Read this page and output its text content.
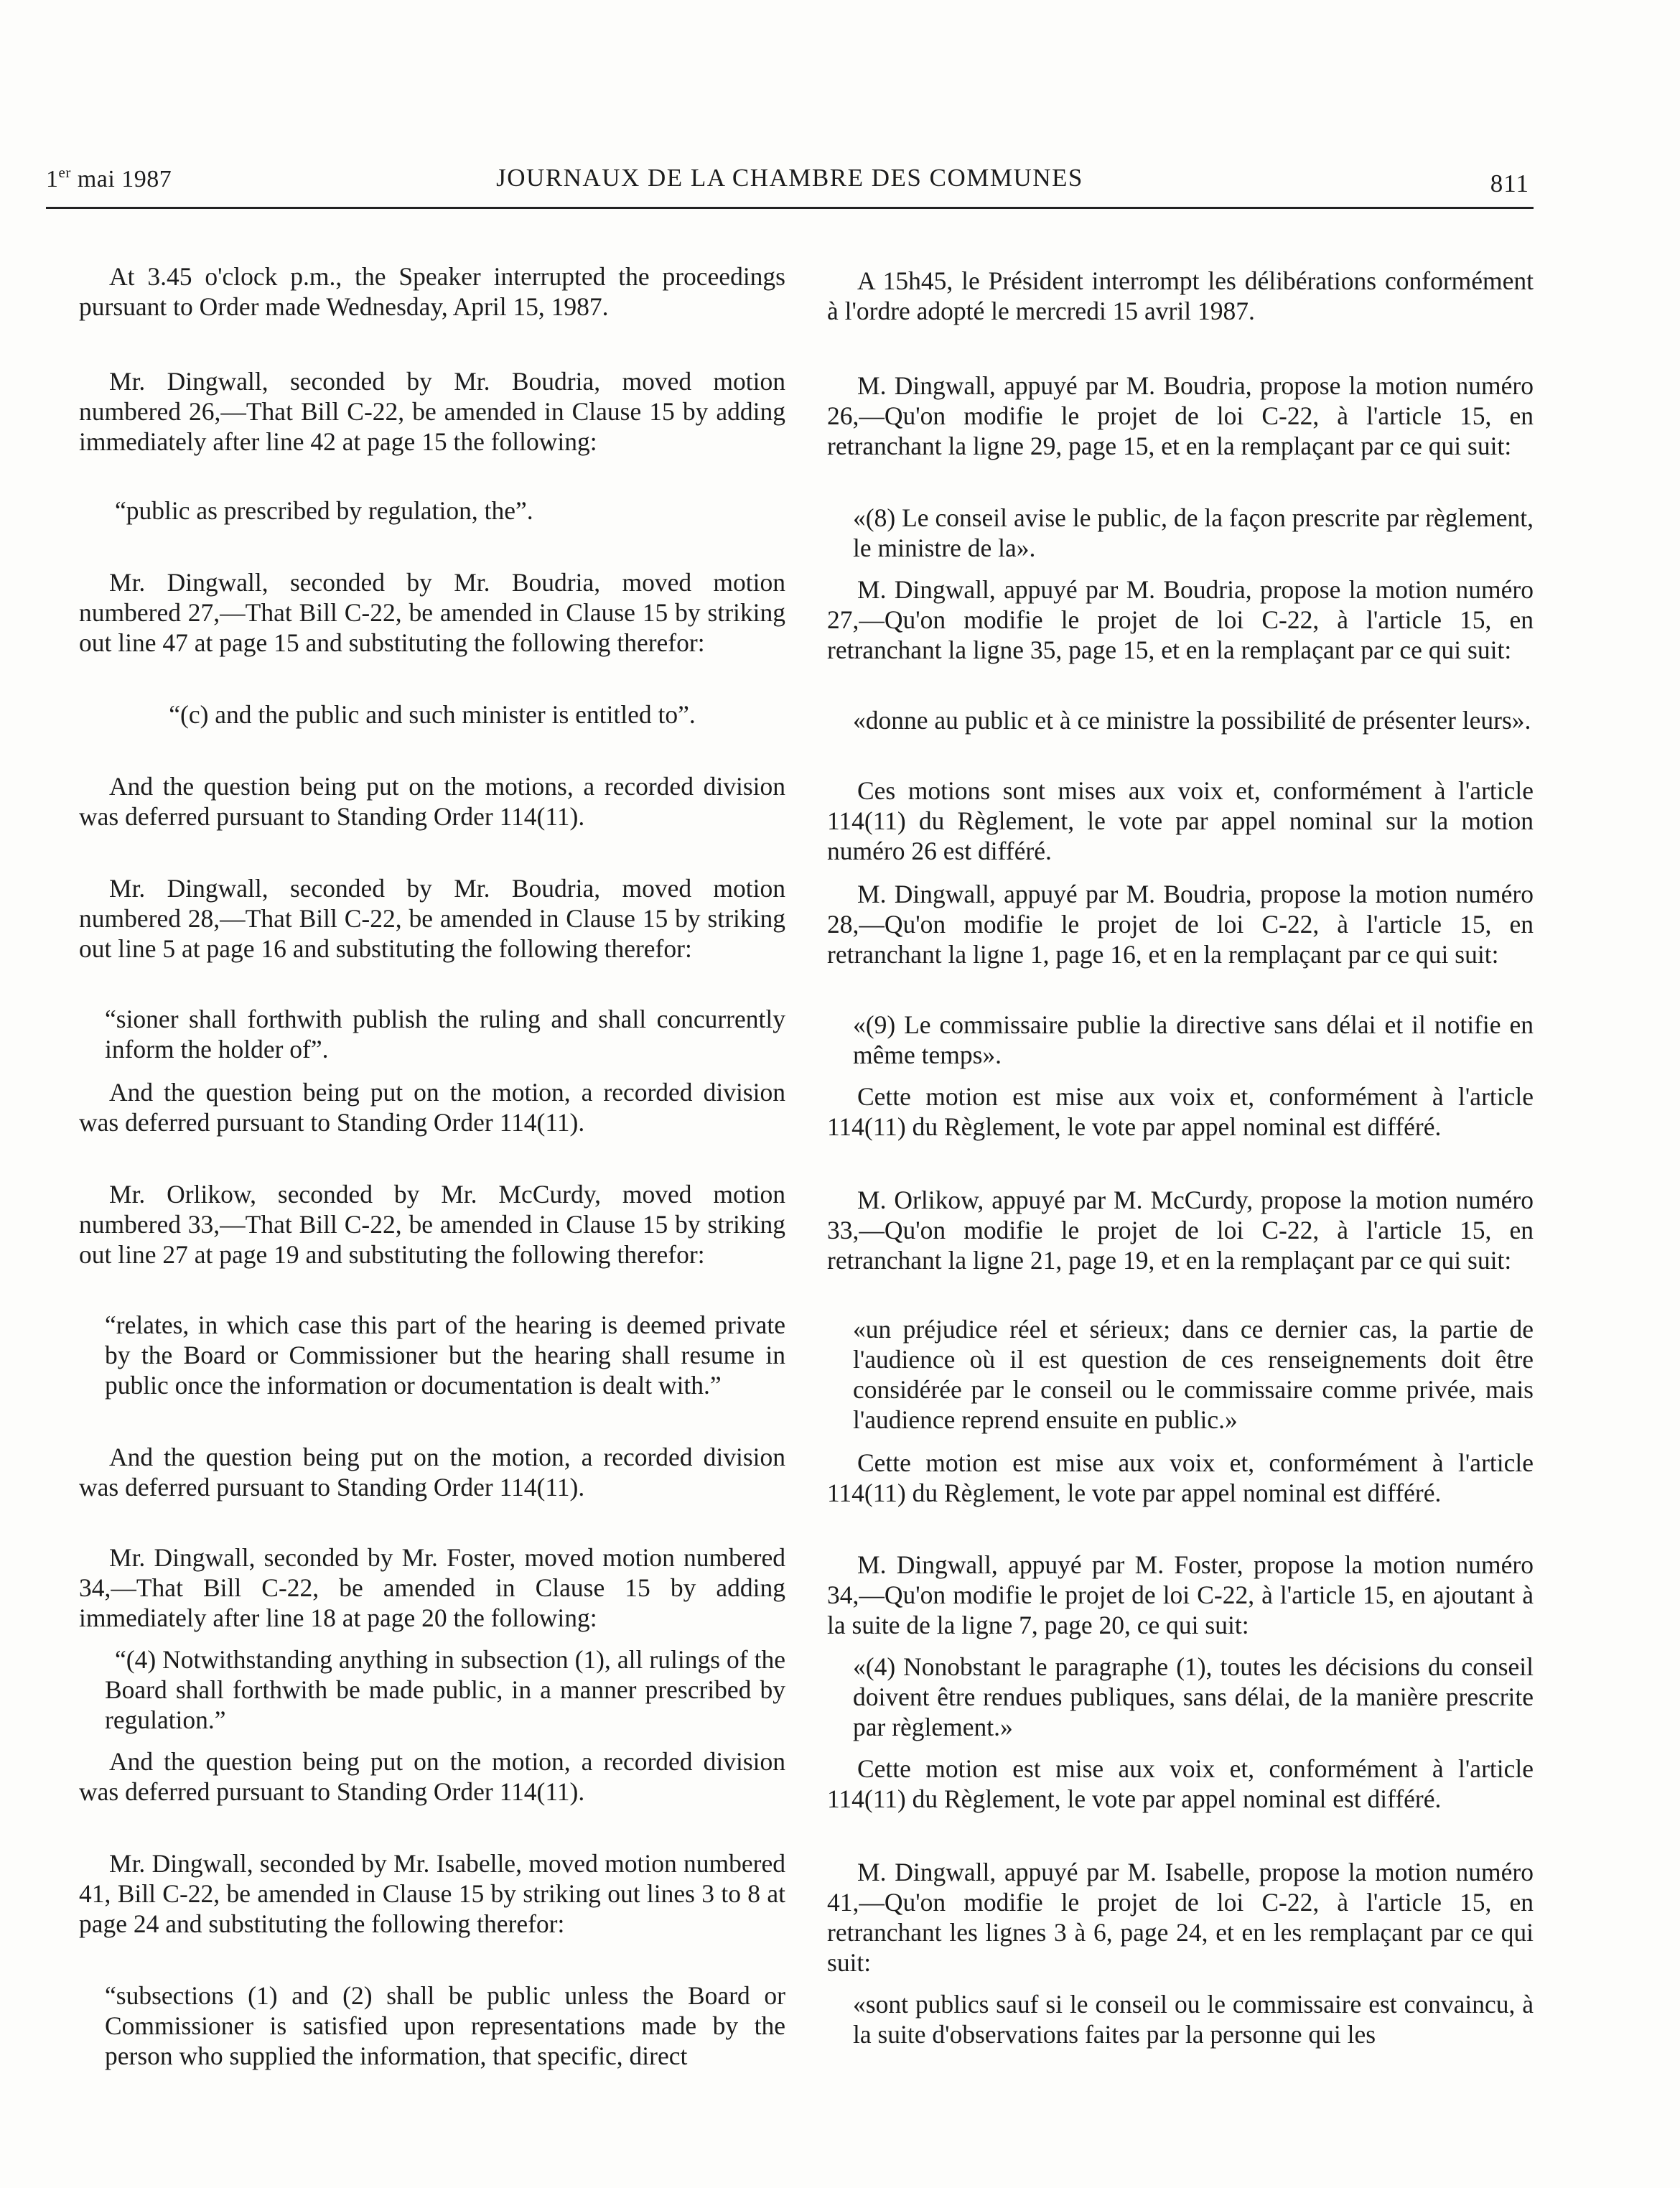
1er mai 1987	JOURNAUX DE LA CHAMBRE DES COMMUNES	811
At 3.45 o'clock p.m., the Speaker interrupted the proceedings pursuant to Order made Wednesday, April 15, 1987.
Mr. Dingwall, seconded by Mr. Boudria, moved motion numbered 26,—That Bill C-22, be amended in Clause 15 by adding immediately after line 42 at page 15 the following:
“public as prescribed by regulation, the”.
Mr. Dingwall, seconded by Mr. Boudria, moved motion numbered 27,—That Bill C-22, be amended in Clause 15 by striking out line 47 at page 15 and substituting the following therefor:
“(c) and the public and such minister is entitled to”.
And the question being put on the motions, a recorded division was deferred pursuant to Standing Order 114(11).
Mr. Dingwall, seconded by Mr. Boudria, moved motion numbered 28,—That Bill C-22, be amended in Clause 15 by striking out line 5 at page 16 and substituting the following therefor:
“sioner shall forthwith publish the ruling and shall concurrently inform the holder of”.
And the question being put on the motion, a recorded division was deferred pursuant to Standing Order 114(11).
Mr. Orlikow, seconded by Mr. McCurdy, moved motion numbered 33,—That Bill C-22, be amended in Clause 15 by striking out line 27 at page 19 and substituting the following therefor:
“relates, in which case this part of the hearing is deemed private by the Board or Commissioner but the hearing shall resume in public once the information or documentation is dealt with.”
And the question being put on the motion, a recorded division was deferred pursuant to Standing Order 114(11).
Mr. Dingwall, seconded by Mr. Foster, moved motion numbered 34,—That Bill C-22, be amended in Clause 15 by adding immediately after line 18 at page 20 the following:
“(4) Notwithstanding anything in subsection (1), all rulings of the Board shall forthwith be made public, in a manner prescribed by regulation.”
And the question being put on the motion, a recorded division was deferred pursuant to Standing Order 114(11).
Mr. Dingwall, seconded by Mr. Isabelle, moved motion numbered 41, Bill C-22, be amended in Clause 15 by striking out lines 3 to 8 at page 24 and substituting the following therefor:
“subsections (1) and (2) shall be public unless the Board or Commissioner is satisfied upon representations made by the person who supplied the information, that specific, direct
A 15h45, le Président interrompt les délibérations conformément à l'ordre adopté le mercredi 15 avril 1987.
M. Dingwall, appuyé par M. Boudria, propose la motion numéro 26,—Qu'on modifie le projet de loi C-22, à l'article 15, en retranchant la ligne 29, page 15, et en la remplaçant par ce qui suit:
«(8) Le conseil avise le public, de la façon prescrite par règlement, le ministre de la».
M. Dingwall, appuyé par M. Boudria, propose la motion numéro 27,—Qu'on modifie le projet de loi C-22, à l'article 15, en retranchant la ligne 35, page 15, et en la remplaçant par ce qui suit:
«donne au public et à ce ministre la possibilité de présenter leurs».
Ces motions sont mises aux voix et, conformément à l'article 114(11) du Règlement, le vote par appel nominal sur la motion numéro 26 est différé.
M. Dingwall, appuyé par M. Boudria, propose la motion numéro 28,—Qu'on modifie le projet de loi C-22, à l'article 15, en retranchant la ligne 1, page 16, et en la remplaçant par ce qui suit:
«(9) Le commissaire publie la directive sans délai et il notifie en même temps».
Cette motion est mise aux voix et, conformément à l'article 114(11) du Règlement, le vote par appel nominal est différé.
M. Orlikow, appuyé par M. McCurdy, propose la motion numéro 33,—Qu'on modifie le projet de loi C-22, à l'article 15, en retranchant la ligne 21, page 19, et en la remplaçant par ce qui suit:
«un préjudice réel et sérieux; dans ce dernier cas, la partie de l'audience où il est question de ces renseignements doit être considérée par le conseil ou le commissaire comme privée, mais l'audience reprend ensuite en public.»
Cette motion est mise aux voix et, conformément à l'article 114(11) du Règlement, le vote par appel nominal est différé.
M. Dingwall, appuyé par M. Foster, propose la motion numéro 34,—Qu'on modifie le projet de loi C-22, à l'article 15, en ajoutant à la suite de la ligne 7, page 20, ce qui suit:
«(4) Nonobstant le paragraphe (1), toutes les décisions du conseil doivent être rendues publiques, sans délai, de la manière prescrite par règlement.»
Cette motion est mise aux voix et, conformément à l'article 114(11) du Règlement, le vote par appel nominal est différé.
M. Dingwall, appuyé par M. Isabelle, propose la motion numéro 41,—Qu'on modifie le projet de loi C-22, à l'article 15, en retranchant les lignes 3 à 6, page 24, et en les remplaçant par ce qui suit:
«sont publics sauf si le conseil ou le commissaire est convaincu, à la suite d'observations faites par la personne qui les
